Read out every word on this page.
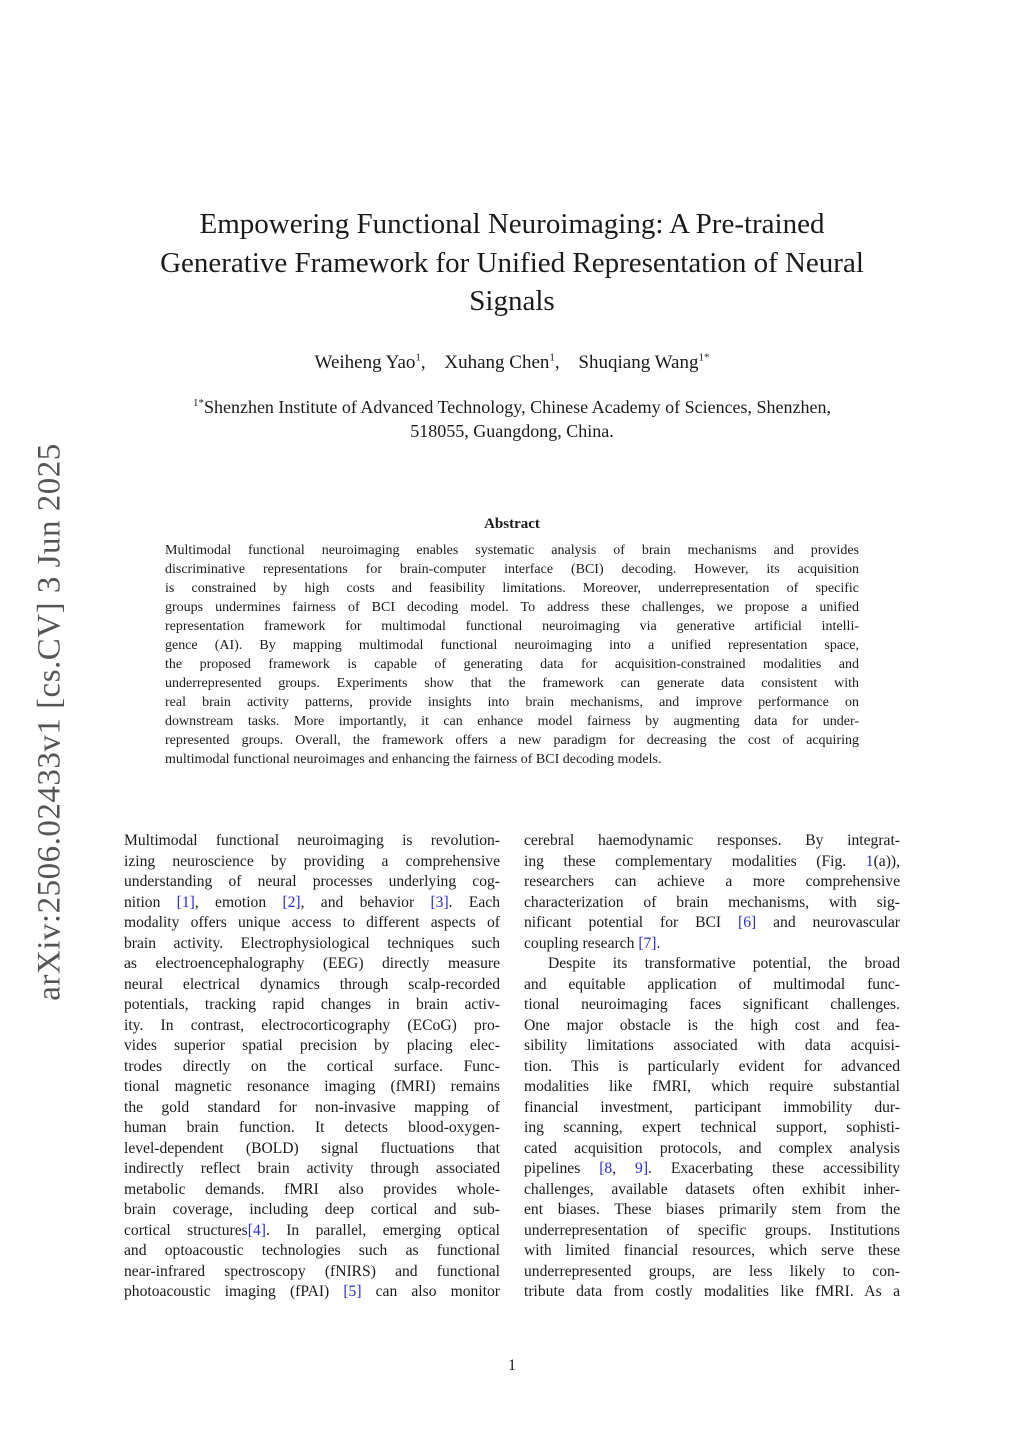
arXiv:2506.02433v1 [cs.CV] 3 Jun 2025
Empowering Functional Neuroimaging: A Pre-trained
Generative Framework for Unified Representation of Neural
Signals
Weiheng Yao$^1$, Xuhang Chen$^1$, Shuqiang Wang$^{1*}$
$^{1*}$Shenzhen Institute of Advanced Technology, Chinese Academy of Sciences, Shenzhen,
518055, Guangdong, China.
Abstract
Multimodal functional neuroimaging enables systematic analysis of brain mechanisms and provides
discriminative representations for brain-computer interface (BCI) decoding. However, its acquisition
is constrained by high costs and feasibility limitations. Moreover, underrepresentation of specific
groups undermines fairness of BCI decoding model. To address these challenges, we propose a unified
representation framework for multimodal functional neuroimaging via generative artificial intelli-
gence (AI). By mapping multimodal functional neuroimaging into a unified representation space,
the proposed framework is capable of generating data for acquisition-constrained modalities and
underrepresented groups. Experiments show that the framework can generate data consistent with
real brain activity patterns, provide insights into brain mechanisms, and improve performance on
downstream tasks. More importantly, it can enhance model fairness by augmenting data for under-
represented groups. Overall, the framework offers a new paradigm for decreasing the cost of acquiring
multimodal functional neuroimages and enhancing the fairness of BCI decoding models.
Multimodal functional neuroimaging is revolution-
izing neuroscience by providing a comprehensive
understanding of neural processes underlying cog-
nition [1], emotion [2], and behavior [3]. Each
modality offers unique access to different aspects of
brain activity. Electrophysiological techniques such
as electroencephalography (EEG) directly measure
neural electrical dynamics through scalp-recorded
potentials, tracking rapid changes in brain activ-
ity. In contrast, electrocorticography (ECoG) pro-
vides superior spatial precision by placing elec-
trodes directly on the cortical surface. Func-
tional magnetic resonance imaging (fMRI) remains
the gold standard for non-invasive mapping of
human brain function. It detects blood-oxygen-
level-dependent (BOLD) signal fluctuations that
indirectly reflect brain activity through associated
metabolic demands. fMRI also provides whole-
brain coverage, including deep cortical and sub-
cortical structures[4]. In parallel, emerging optical
and optoacoustic technologies such as functional
near-infrared spectroscopy (fNIRS) and functional
photoacoustic imaging (fPAI) [5] can also monitor
cerebral haemodynamic responses. By integrat-
ing these complementary modalities (Fig. 1(a)),
researchers can achieve a more comprehensive
characterization of brain mechanisms, with sig-
nificant potential for BCI [6] and neurovascular
coupling research [7].
Despite its transformative potential, the broad
and equitable application of multimodal func-
tional neuroimaging faces significant challenges.
One major obstacle is the high cost and fea-
sibility limitations associated with data acquisi-
tion. This is particularly evident for advanced
modalities like fMRI, which require substantial
financial investment, participant immobility dur-
ing scanning, expert technical support, sophisti-
cated acquisition protocols, and complex analysis
pipelines [8, 9]. Exacerbating these accessibility
challenges, available datasets often exhibit inher-
ent biases. These biases primarily stem from the
underrepresentation of specific groups. Institutions
with limited financial resources, which serve these
underrepresented groups, are less likely to con-
tribute data from costly modalities like fMRI. As a
1
